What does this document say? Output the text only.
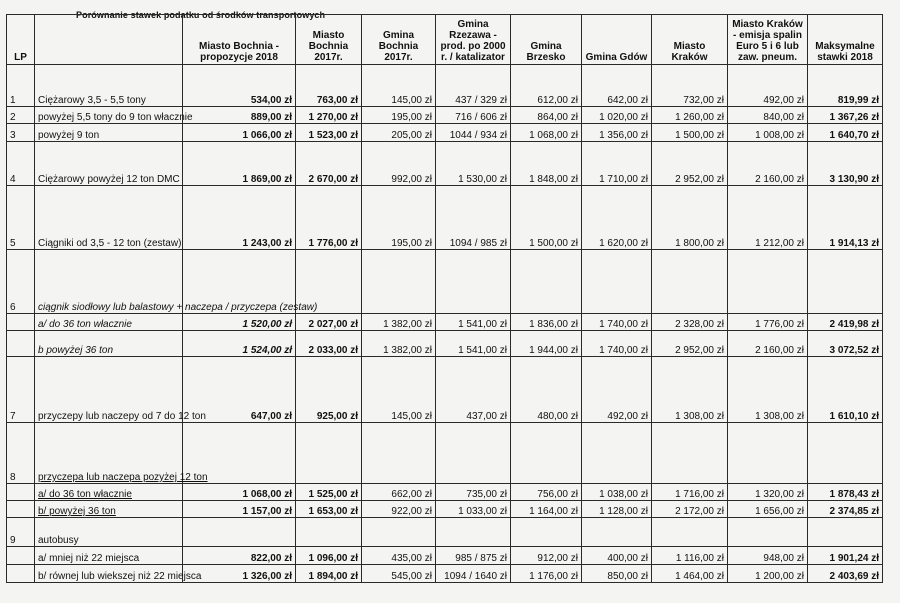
Porównanie stawek podatku od środków transportowych
LP		Miasto Bochnia - propozycje 2018	Miasto Bochnia 2017r.	Gmina Bochnia 2017r.	Gmina Rzezawa - prod. po 2000 r. / katalizator	Gmina Brzesko	Gmina Gdów	Miasto Kraków	Miasto Kraków - emisja spalin Euro 5 i 6 lub zaw. pneum.	Maksymalne stawki 2018
1	Ciężarowy 3,5 - 5,5 tony	534,00 zł	763,00 zł	145,00 zł	437 / 329 zł	612,00 zł	642,00 zł	732,00 zł	492,00 zł	819,99 zł
2	powyżej 5,5 tony do 9 ton włacznie	889,00 zł	1 270,00 zł	195,00 zł	716 / 606 zł	864,00 zł	1 020,00 zł	1 260,00 zł	840,00 zł	1 367,26 zł
3	powyżej 9 ton	1 066,00 zł	1 523,00 zł	205,00 zł	1044 / 934 zł	1 068,00 zł	1 356,00 zł	1 500,00 zł	1 008,00 zł	1 640,70 zł
4	Ciężarowy powyżej 12 ton DMC	1 869,00 zł	2 670,00 zł	992,00 zł	1 530,00 zł	1 848,00 zł	1 710,00 zł	2 952,00 zł	2 160,00 zł	3 130,90 zł
5	Ciągniki od 3,5 - 12 ton (zestaw)	1 243,00 zł	1 776,00 zł	195,00 zł	1094 / 985 zł	1 500,00 zł	1 620,00 zł	1 800,00 zł	1 212,00 zł	1 914,13 zł
6	ciągnik siodłowy lub balastowy + naczepa / przyczepa (zestaw)									
	a/ do 36 ton włacznie	1 520,00 zł	2 027,00 zł	1 382,00 zł	1 541,00 zł	1 836,00 zł	1 740,00 zł	2 328,00 zł	1 776,00 zł	2 419,98 zł
	b powyżej 36 ton	1 524,00 zł	2 033,00 zł	1 382,00 zł	1 541,00 zł	1 944,00 zł	1 740,00 zł	2 952,00 zł	2 160,00 zł	3 072,52 zł
7	przyczepy lub naczepy od 7 do 12 ton	647,00 zł	925,00 zł	145,00 zł	437,00 zł	480,00 zł	492,00 zł	1 308,00 zł	1 308,00 zł	1 610,10 zł
8	przyczepa lub naczepa pozyżej 12 ton									
	a/ do 36 ton włacznie	1 068,00 zł	1 525,00 zł	662,00 zł	735,00 zł	756,00 zł	1 038,00 zł	1 716,00 zł	1 320,00 zł	1 878,43 zł
	b/ powyżej 36 ton	1 157,00 zł	1 653,00 zł	922,00 zł	1 033,00 zł	1 164,00 zł	1 128,00 zł	2 172,00 zł	1 656,00 zł	2 374,85 zł
9	autobusy									
	a/ mniej niż 22 miejsca	822,00 zł	1 096,00 zł	435,00 zł	985 / 875 zł	912,00 zł	400,00 zł	1 116,00 zł	948,00 zł	1 901,24 zł
	b/ równej lub wiekszej niż 22 miejsca	1 326,00 zł	1 894,00 zł	545,00 zł	1094 / 1640 zł	1 176,00 zł	850,00 zł	1 464,00 zł	1 200,00 zł	2 403,69 zł
